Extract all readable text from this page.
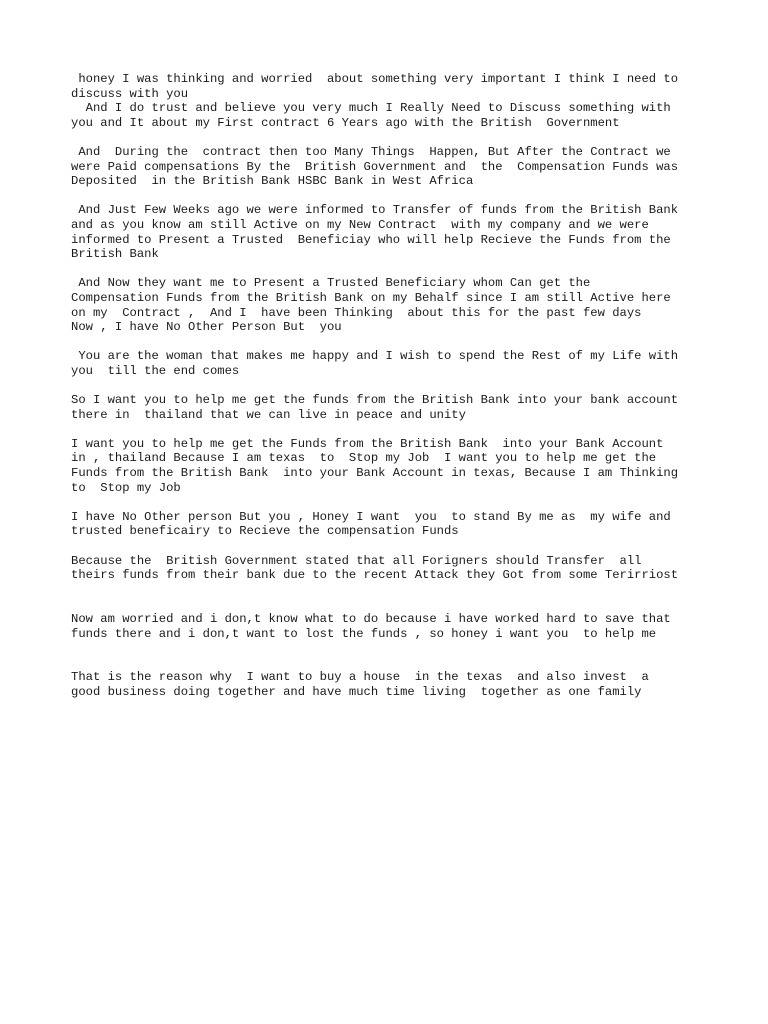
honey I was thinking and worried  about something very important I think I need to
discuss with you
And I do trust and believe you very much I Really Need to Discuss something with
you and It about my First contract 6 Years ago with the British  Government

And  During the  contract then too Many Things  Happen, But After the Contract we
were Paid compensations By the  British Government and  the  Compensation Funds was
Deposited  in the British Bank HSBC Bank in West Africa

And Just Few Weeks ago we were informed to Transfer of funds from the British Bank
and as you know am still Active on my New Contract  with my company and we were
informed to Present a Trusted  Beneficiay who will help Recieve the Funds from the
British Bank

And Now they want me to Present a Trusted Beneficiary whom Can get the
Compensation Funds from the British Bank on my Behalf since I am still Active here
on my  Contract ,  And I  have been Thinking  about this for the past few days
Now , I have No Other Person But  you

You are the woman that makes me happy and I wish to spend the Rest of my Life with
you  till the end comes

So I want you to help me get the funds from the British Bank into your bank account
there in  thailand that we can live in peace and unity

I want you to help me get the Funds from the British Bank  into your Bank Account
in , thailand Because I am texas  to  Stop my Job  I want you to help me get the
Funds from the British Bank  into your Bank Account in texas, Because I am Thinking
to  Stop my Job

I have No Other person But you , Honey I want  you  to stand By me as  my wife and
trusted beneficairy to Recieve the compensation Funds

Because the  British Government stated that all Forigners should Transfer  all
theirs funds from their bank due to the recent Attack they Got from some Terirriost

Now am worried and i don,t know what to do because i have worked hard to save that
funds there and i don,t want to lost the funds , so honey i want you  to help me

That is the reason why  I want to buy a house  in the texas  and also invest  a
good business doing together and have much time living  together as one family
